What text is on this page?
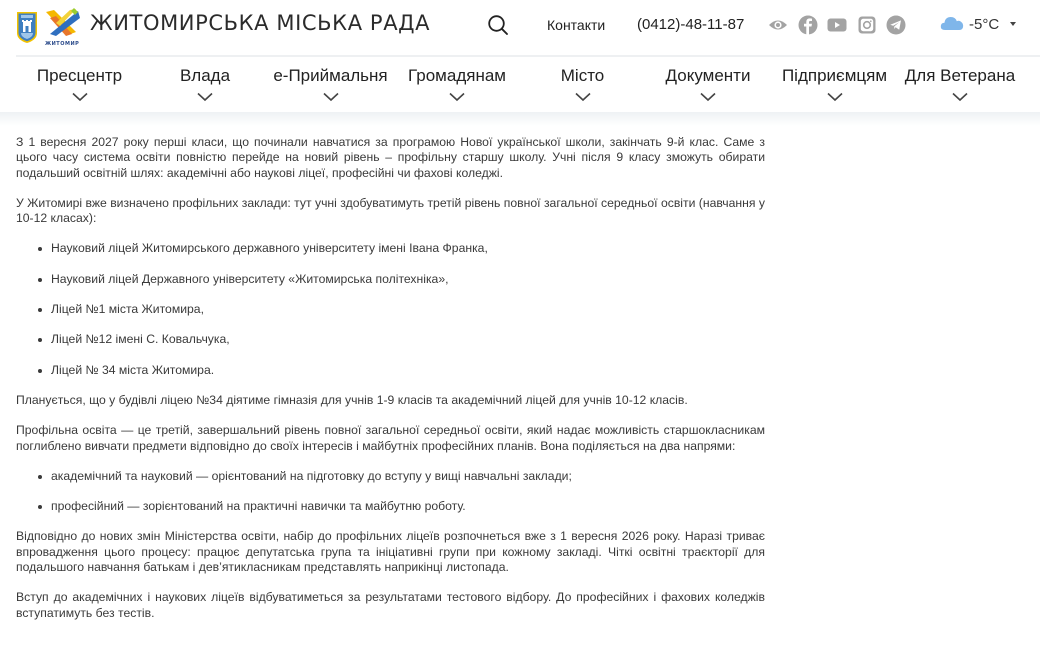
ЖИТОМИР
ЖИТОМИРСЬКА МІСЬКА РАДА	Контакти (0412)-48-11-87	-5°C
Пресцентр	Влада	е-Приймальня Громадянам	Місто	Документи Підприємцям Для Ветерана

З 1 вересня 2027 року перші класи, що починали навчатися за програмою Нової української школи, закінчать 9-й клас. Саме з цього часу система освіти повністю перейде на новий рівень – профільну старшу школу. Учні після 9 класу зможуть обирати подальший освітній шлях: академічні або наукові ліцеї, професійні чи фахові коледжі.

У Житомирі вже визначено профільних заклади: тут учні здобуватимуть третій рівень повної загальної середньої освіти (навчання у 10-12 класах):

Науковий ліцей Житомирського державного університету імені Івана Франка,
Науковий ліцей Державного університету «Житомирська політехніка»,
Ліцей №1 міста Житомира,
Ліцей №12 імені С. Ковальчука,
Ліцей № 34 міста Житомира.

Планується, що у будівлі ліцею №34 діятиме гімназія для учнів 1-9 класів та академічний ліцей для учнів 10-12 класів.

Профільна освіта — це третій, завершальний рівень повної загальної середньої освіти, який надає можливість старшокласникам поглиблено вивчати предмети відповідно до своїх інтересів і майбутніх професійних планів. Вона поділяється на два напрями:

академічний та науковий — орієнтований на підготовку до вступу у вищі навчальні заклади;
професійний — зорієнтований на практичні навички та майбутню роботу.

Відповідно до нових змін Міністерства освіти, набір до профільних ліцеїв розпочнеться вже з 1 вересня 2026 року. Наразі триває впровадження цього процесу: працює депутатська група та ініціативні групи при кожному закладі. Чіткі освітні траєкторії для подальшого навчання батькам і дев’ятикласникам представлять наприкінці листопада.

Вступ до академічних і наукових ліцеїв відбуватиметься за результатами тестового відбору. До професійних і фахових коледжів вступатимуть без тестів.
